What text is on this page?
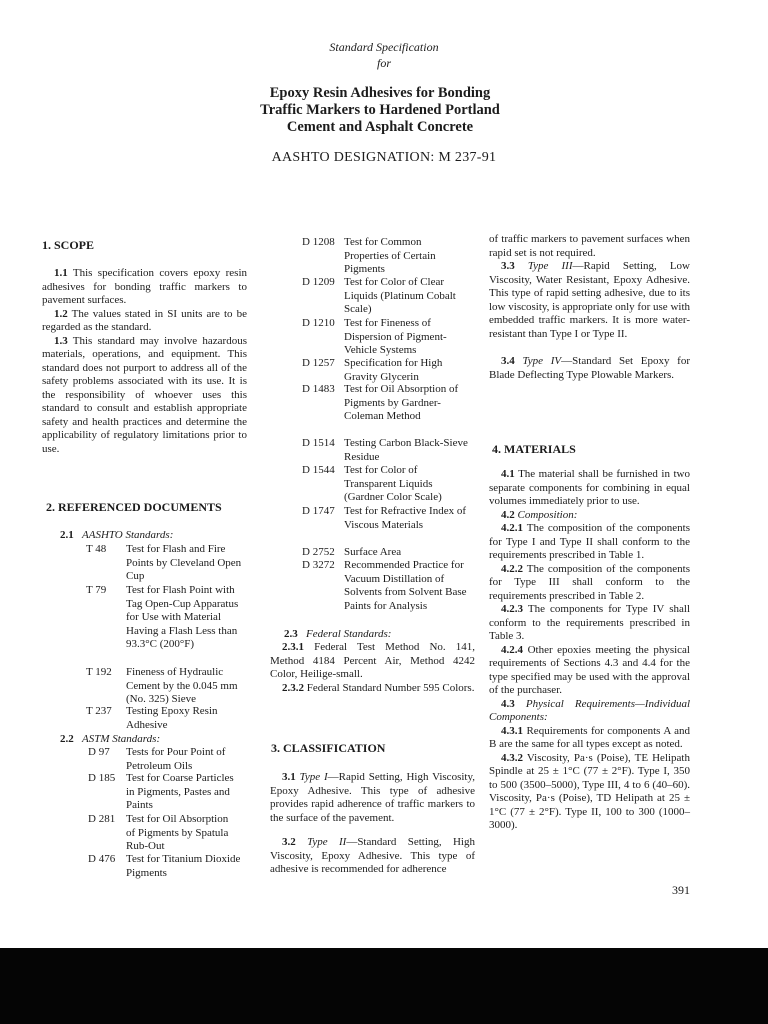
Standard Specification
for
Epoxy Resin Adhesives for Bonding
Traffic Markers to Hardened Portland
Cement and Asphalt Concrete
AASHTO DESIGNATION: M 237-91
1. SCOPE
1.1 This specification covers epoxy resin adhesives for bonding traffic markers to pavement surfaces.
1.2 The values stated in SI units are to be regarded as the standard.
1.3 This standard may involve hazardous materials, operations, and equipment. This standard does not purport to address all of the safety problems associated with its use. It is the responsibility of whoever uses this standard to consult and establish appropriate safety and health practices and determine the applicability of regulatory limitations prior to use.
2. REFERENCED DOCUMENTS
2.1 AASHTO Standards:
T 48 Test for Flash and Fire Points by Cleveland Open Cup
T 79 Test for Flash Point with Tag Open-Cup Apparatus for Use with Material Having a Flash Less than 93.3°C (200°F)
T 192 Fineness of Hydraulic Cement by the 0.045 mm (No. 325) Sieve
T 237 Testing Epoxy Resin Adhesive
2.2 ASTM Standards:
D 97 Tests for Pour Point of Petroleum Oils
D 185 Test for Coarse Particles in Pigments, Pastes and Paints
D 281 Test for Oil Absorption of Pigments by Spatula Rub-Out
D 476 Test for Titanium Dioxide Pigments
D 1208 Test for Common Properties of Certain Pigments
D 1209 Test for Color of Clear Liquids (Platinum Cobalt Scale)
D 1210 Test for Fineness of Dispersion of Pigment-Vehicle Systems
D 1257 Specification for High Gravity Glycerin
D 1483 Test for Oil Absorption of Pigments by Gardner-Coleman Method
D 1514 Testing Carbon Black-Sieve Residue
D 1544 Test for Color of Transparent Liquids (Gardner Color Scale)
D 1747 Test for Refractive Index of Viscous Materials
D 2752 Surface Area
D 3272 Recommended Practice for Vacuum Distillation of Solvents from Solvent Base Paints for Analysis
2.3 Federal Standards:
2.3.1 Federal Test Method No. 141, Method 4184 Percent Air, Method 4242 Color, Heilige-small.
2.3.2 Federal Standard Number 595 Colors.
3. CLASSIFICATION
3.1 Type I—Rapid Setting, High Viscosity, Epoxy Adhesive. This type of adhesive provides rapid adherence of traffic markers to the surface of the pavement.
3.2 Type II—Standard Setting, High Viscosity, Epoxy Adhesive. This type of adhesive is recommended for adherence
of traffic markers to pavement surfaces when rapid set is not required.
3.3 Type III—Rapid Setting, Low Viscosity, Water Resistant, Epoxy Adhesive. This type of rapid setting adhesive, due to its low viscosity, is appropriate only for use with embedded traffic markers. It is more water-resistant than Type I or Type II.
3.4 Type IV—Standard Set Epoxy for Blade Deflecting Type Plowable Markers.
4. MATERIALS
4.1 The material shall be furnished in two separate components for combining in equal volumes immediately prior to use.
4.2 Composition:
4.2.1 The composition of the components for Type I and Type II shall conform to the requirements prescribed in Table 1.
4.2.2 The composition of the components for Type III shall conform to the requirements prescribed in Table 2.
4.2.3 The components for Type IV shall conform to the requirements prescribed in Table 3.
4.2.4 Other epoxies meeting the physical requirements of Sections 4.3 and 4.4 for the type specified may be used with the approval of the purchaser.
4.3 Physical Requirements—Individual Components:
4.3.1 Requirements for components A and B are the same for all types except as noted.
4.3.2 Viscosity, Pa·s (Poise), TE Helipath Spindle at 25 ± 1°C (77 ± 2°F). Type I, 350 to 500 (3500–5000), Type III, 4 to 6 (40–60). Viscosity, Pa·s (Poise), TD Helipath at 25 ± 1°C (77 ± 2°F). Type II, 100 to 300 (1000–3000).
391
